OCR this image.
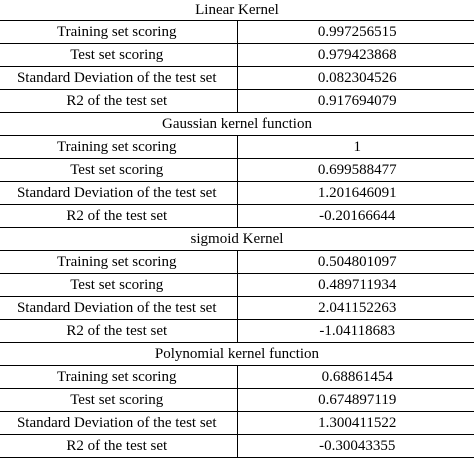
Linear Kernel	
Training set scoring	0.997256515
Test set scoring	0.979423868
Standard Deviation of the test set	0.082304526
R2 of the test set	0.917694079
Gaussian kernel function	
Training set scoring	1
Test set scoring	0.699588477
Standard Deviation of the test set	1.201646091
R2 of the test set	-0.20166644
sigmoid Kernel	
Training set scoring	0.504801097
Test set scoring	0.489711934
Standard Deviation of the test set	2.041152263
R2 of the test set	-1.04118683
Polynomial kernel function	
Training set scoring	0.68861454
Test set scoring	0.674897119
Standard Deviation of the test set	1.300411522
R2 of the test set	-0.30043355
